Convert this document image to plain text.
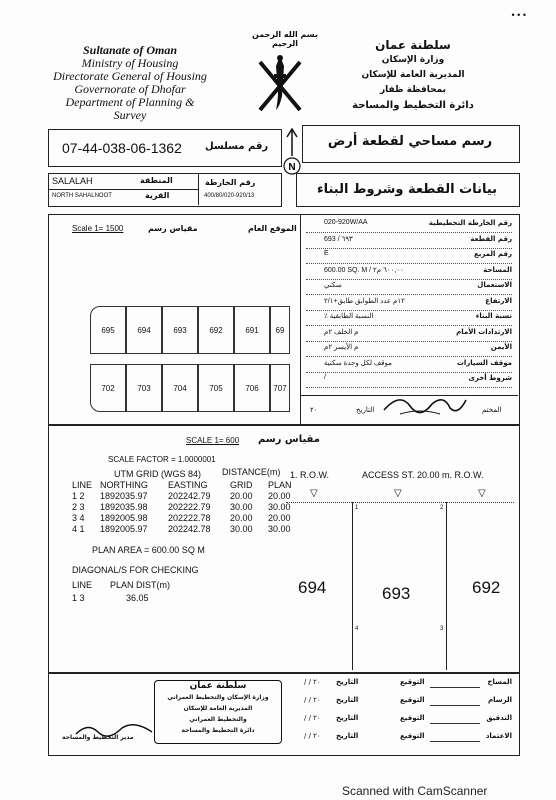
• • •
Sultanate of Oman
Ministry of Housing
Directorate General of Housing
Governorate of Dhofar
Department of Planning & Survey
بسم الله الرحمن الرحيم	سلطنة عمان
وزارة الإسكان
المديرية العامة للإسكان
بمحافظة ظفار
دائرة التخطيط والمساحة
07-44-038-06-1362 رقم مسلسل
N
رسم مساحي لقطعة أرض
SALALAH	المنطقة
NORTH SAHALNOOT	القرية
رقم الخارطة
400/80/020-920/13	بيانات القطعة وشروط البناء
Scale 1= 1500	مقياس رسم	الموقع العام
695	694	693	692	691	69
702	703	704	705	706	707
020-920W/AA	رقم الخارطة التخطيطية
693 / ٦٩٣	رقم القطعة
E	رقم المربع
600.00 SQ. M / ٦٠٠,٠٠ م٢	المساحة
سكني	الاستعمال
١٢م عدد الطوابق طابق+٢/١	الارتفاع
٪ النسبة الطابقية	نسبة البناء
م الخلف ٢م	الارتدادات الأمام
م الأيسر ٢م	الأيمن
موقف لكل وحدة سكنية	موقف السيارات
/	شروط أخرى
التاريخ
٢٠	المختم
SCALE 1= 600 مقياس رسم
SCALE FACTOR = 1.0000001
UTM GRID (WGS 84) DISTANCE(m)
LINE	NORTHING	EASTING	GRID	PLAN
1 2	1892035.97	202242.79	20.00	20.00
2 3	1892035.98	202222.79	30.00	30.00
3 4	1892005.98	202222.78	20.00	20.00
4 1	1892005.97	202242.78	30.00	30.00
PLAN AREA = 600.00 SQ M
DIAGONAL/S FOR CHECKING
LINE PLAN DIST(m)
1 3	36.05
1. R.O.W.	ACCESS ST. 20.00 m. R.O.W.
▽	▽	▽
1	2
3
4
694	693	692
٢٠ / / التاريخ	التوقيع	المساح
٢٠ / / التاريخ	التوقيع	الرسام
٢٠ / / التاريخ	التوقيع	التدقيق
٢٠ / / التاريخ	التوقيع	الاعتماد
سلطنة عمان
وزارة الإسكان والتخطيط العمراني
المديرية العامة للإسكان
والتخطيط العمراني
دائرة التخطيط والمساحة
مدير التخطيط والمساحة
Scanned with CamScanner
